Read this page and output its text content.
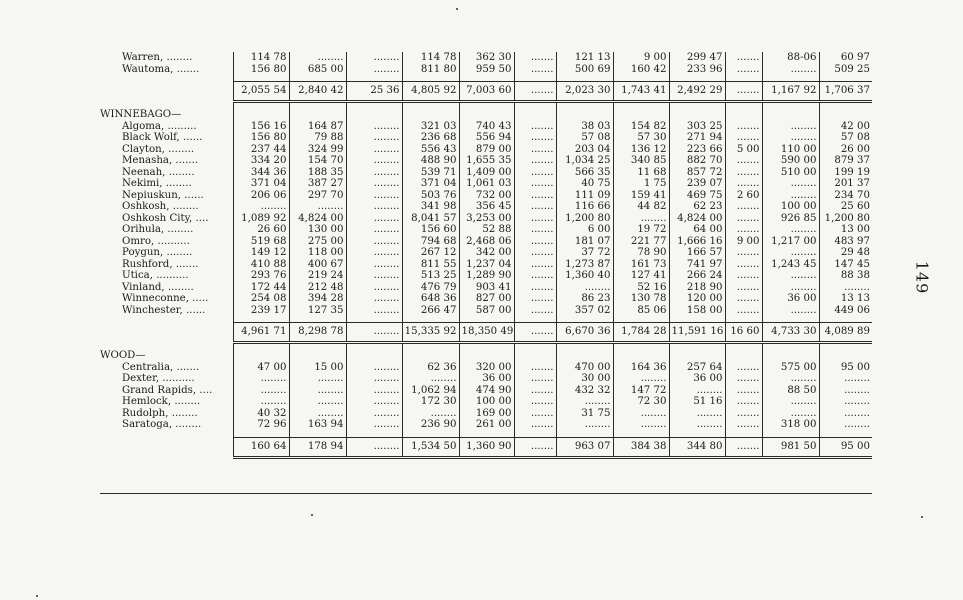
Warren, ........	114 78	........	........	114 78	362 30	.......	121 13	9 00	299 47	.......	88-06	60 97
Wautoma, .......	156 80	685 00	........	811 80	959 50	.......	500 69	160 42	233 96	.......	........	509 25

	2,055 54	2,840 42	25 36	4,805 92	7,003 60	.......	2,023 30	1,743 41	2,492 29	.......	1,167 92	1,706 37

WINNEBAGO—												
Algoma, .........	156 16	164 87	........	321 03	740 43	.......	38 03	154 82	303 25	.......	........	42 00
Black Wolf, ......	156 80	79 88	........	236 68	556 94	.......	57 08	57 30	271 94	.......	........	57 08
Clayton, ........	237 44	324 99	........	556 43	879 00	.......	203 04	136 12	223 66	5 00	110 00	26 00
Menasha, .......	334 20	154 70	........	488 90	1,655 35	.......	1,034 25	340 85	882 70	.......	590 00	879 37
Neenah, ........	344 36	188 35	........	539 71	1,409 00	.......	566 35	11 68	857 72	.......	510 00	199 19
Nekimi, ........	371 04	387 27	........	371 04	1,061 03	.......	40 75	1 75	239 07	.......	........	201 37
Nepiuskun, ......	206 06	297 70	........	503 76	732 00	.......	111 09	159 41	469 75	2 60	........	234 70
Oshkosh, ........	........	........	........	341 98	356 45	.......	116 66	44 82	62 23	.......	100 00	25 60
Oshkosh City, ....	1,089 92	4,824 00	........	8,041 57	3,253 00	.......	1,200 80	........	4,824 00	.......	926 85	1,200 80
Orihula, ........	26 60	130 00	........	156 60	52 88	.......	6 00	19 72	64 00	.......	........	13 00
Omro, ..........	519 68	275 00	........	794 68	2,468 06	.......	181 07	221 77	1,666 16	9 00	1,217 00	483 97
Poygun, ........	149 12	118 00	........	267 12	342 00	.......	37 72	78 90	166 57	.......	........	29 48
Rushford, .......	410 88	400 67	........	811 55	1,237 04	.......	1,273 87	161 73	741 97	.......	1,243 45	147 45
Utica, ..........	293 76	219 24	........	513 25	1,289 90	.......	1,360 40	127 41	266 24	.......	........	88 38
Vinland, ........	172 44	212 48	........	476 79	903 41	.......	........	52 16	218 90	.......	........	........
Winneconne, .....	254 08	394 28	........	648 36	827 00	.......	86 23	130 78	120 00	.......	36 00	13 13
Winchester, ......	239 17	127 35	........	266 47	587 00	.......	357 02	85 06	158 00	.......	........	449 06

	4,961 71	8,298 78	........	15,335 92	18,350 49	.......	6,670 36	1,784 28	11,591 16	16 60	4,733 30	4,089 89

WOOD—												
Centralia, .......	47 00	15 00	........	62 36	320 00	.......	470 00	164 36	257 64	.......	575 00	95 00
Dexter, ..........	........	........	........	........	36 00	.......	30 00	........	36 00	.......	........	........
Grand Rapids, ....	........	........	........	1,062 94	474 90	.......	432 32	147 72	........	.......	88 50	........
Hemlock, ........	........	........	........	172 30	100 00	.......	........	72 30	51 16	.......	........	........
Rudolph, ........	40 32	........	........	........	169 00	.......	31 75	........	........	.......	........	........
Saratoga, ........	72 96	163 94	........	236 90	261 00	.......	........	........	........	.......	318 00	........

	160 64	178 94	........	1,534 50	1,360 90	.......	963 07	384 38	344 80	.......	981 50	95 00
149
